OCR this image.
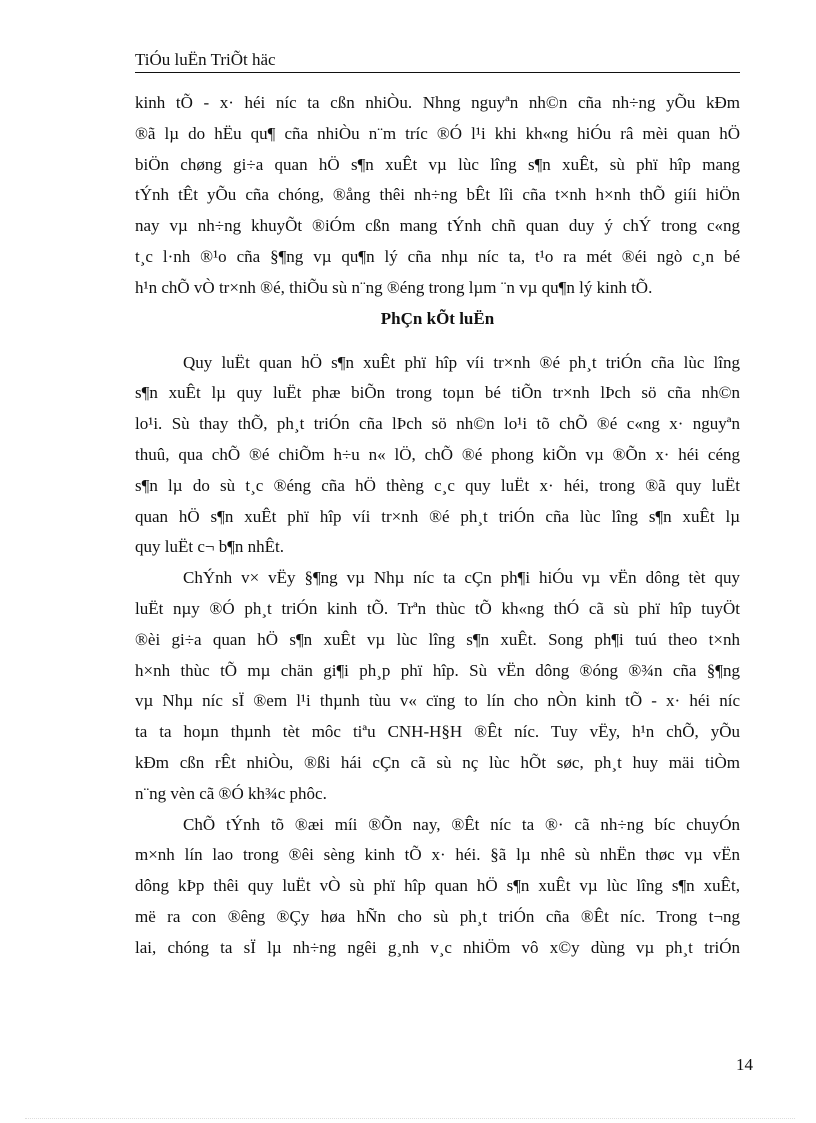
TiÓu luËn TriÕt häc
kinh tÕ - x· héi níc ta cßn nhiÒu. Nhng nguyªn nh©n cña nh÷ng yÕu kÐm
®ã lµ do hËu qu¶ cña nhiÒu n¨m tríc ®Ó l¹i khi kh«ng hiÓu râ mèi quan hÖ
biÖn chøng gi÷a quan hÖ s¶n xuÊt vµ lùc lîng s¶n xuÊt, sù phï hîp mang
tÝnh tÊt yÕu cña chóng, ®ång thêi nh÷ng bÊt lîi cña t×nh h×nh thÕ giíi hiÖn
nay vµ nh÷ng khuyÕt ®iÓm cßn mang tÝnh chñ quan duy ý chÝ trong c«ng
t¸c l·nh ®¹o cña §¶ng vµ qu¶n lý cña nhµ níc ta, t¹o ra mét ®éi ngò c¸n bé
h¹n chÕ vÒ tr×nh ®é, thiÕu sù n¨ng ®éng trong lµm ¨n vµ qu¶n lý kinh tÕ.
PhÇn kÕt luËn
Quy luËt quan hÖ s¶n xuÊt phï hîp víi tr×nh ®é ph¸t triÓn cña lùc lîng
s¶n xuÊt lµ quy luËt phæ biÕn trong toµn bé tiÕn tr×nh lÞch sö cña nh©n
lo¹i. Sù thay thÕ, ph¸t triÓn cña lÞch sö nh©n lo¹i tõ chÕ ®é c«ng x· nguyªn
thuû, qua chÕ ®é chiÕm h÷u n« lÖ, chÕ ®é phong kiÕn vµ ®Õn x· héi céng
s¶n lµ do sù t¸c ®éng cña hÖ thèng c¸c quy luËt x· héi, trong ®ã quy luËt
quan hÖ s¶n xuÊt phï hîp víi tr×nh ®é ph¸t triÓn cña lùc lîng s¶n xuÊt lµ
quy luËt c¬ b¶n nhÊt.
ChÝnh v× vËy §¶ng vµ Nhµ níc ta cÇn ph¶i hiÓu vµ vËn dông tèt quy
luËt nµy ®Ó ph¸t triÓn kinh tÕ. Trªn thùc tÕ kh«ng thÓ cã sù phï hîp tuyÖt
®èi gi÷a quan hÖ s¶n xuÊt vµ lùc lîng s¶n xuÊt. Song ph¶i tuú theo t×nh
h×nh thùc tÕ mµ chän gi¶i ph¸p phï hîp. Sù vËn dông ®óng ®¾n cña §¶ng
vµ Nhµ níc sÏ ®em l¹i thµnh tùu v« cïng to lín cho nÒn kinh tÕ - x· héi níc
ta ta hoµn thµnh tèt môc tiªu CNH-H§H ®Êt níc. Tuy vËy, h¹n chÕ, yÕu
kÐm cßn rÊt nhiÒu, ®ßi hái cÇn cã sù nç lùc hÕt søc, ph¸t huy mäi tiÒm
n¨ng vèn cã ®Ó kh¾c phôc.
ChÕ tÝnh tõ ®æi míi ®Õn nay, ®Êt níc ta ®· cã nh÷ng bíc chuyÓn
m×nh lín lao trong ®êi sèng kinh tÕ x· héi. §ã lµ nhê sù nhËn thøc vµ vËn
dông kÞp thêi quy luËt vÒ sù phï hîp quan hÖ s¶n xuÊt vµ lùc lîng s¶n xuÊt,
më ra con ®êng ®Çy høa hÑn cho sù ph¸t triÓn cña ®Êt níc. Trong t¬ng
lai, chóng ta sÏ lµ nh÷ng ngêi g¸nh v¸c nhiÖm vô x©y dùng vµ ph¸t triÓn
14
